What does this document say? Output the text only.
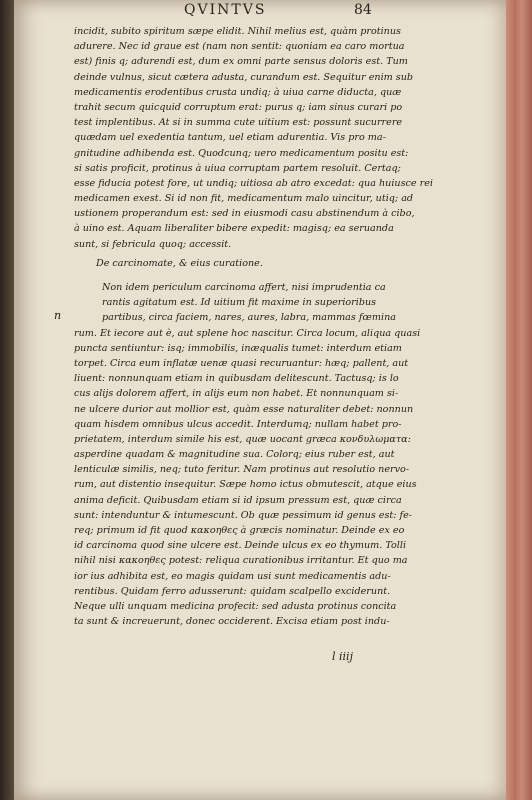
QVINTVS	84
incidit, subito spiritum sæpe elidit. Nihil melius est, quàm protinus
adurere. Nec id graue est (nam non sentit: quoniam ea caro mortua
est) finis q; adurendi est, dum ex omni parte sensus doloris est. Tum
deinde vulnus, sicut cætera adusta, curandum est. Sequitur enim sub
medicamentis erodentibus crusta undiq; à uiua carne diducta, quæ
trahit secum quicquid corruptum erat: purus q; iam sinus curari po
test implentibus. At si in summa cute uitium est: possunt sucurrere
quædam uel exedentia tantum, uel etiam adurentia. Vis pro ma-
gnitudine adhibenda est. Quodcunq; uero medicamentum positu est:
si satis proficit, protinus à uiua corruptam partem resoluit. Certaq;
esse fiducia potest fore, ut undiq; uitiosa ab atro excedat: qua huiusce rei
medicamen exest. Si id non fit, medicamentum malo uincitur, utiq; ad
ustionem properandum est: sed in eiusmodi casu abstinendum à cibo,
à uino est. Aquam liberaliter bibere expedit: magisq; ea seruanda
sunt, si febricula quoq; accessit.
De carcinomate, & eius curatione.
Non idem periculum carcinoma affert, nisi imprudentia ca
rantis agitatum est. Id uitium fit maxime in superioribus
partibus, circa faciem, nares, aures, labra, mammas fœmina
rum. Et iecore aut è, aut splene hoc nascitur. Circa locum, aliqua quasi
puncta sentiuntur: isq; immobilis, inæqualis tumet: interdum etiam
torpet. Circa eum inflatæ uenæ quasi recuruantur: hæq; pallent, aut
liuent: nonnunquam etiam in quibusdam delitescunt. Tactusq; is lo
cus alijs dolorem affert, in alijs eum non habet. Et nonnunquam si-
ne ulcere durior aut mollior est, quàm esse naturaliter debet: nonnun
quam hisdem omnibus ulcus accedit. Interdumq; nullam habet pro-
prietatem, interdum simile his est, quæ uocant græca κονδυλωματα:
asperdine quadam & magnitudine sua. Colorq; eius ruber est, aut
lenticulæ similis, neq; tuto feritur. Nam protinus aut resolutio nervo-
rum, aut distentio insequitur. Sæpe homo ictus obmutescit, atque eius
anima deficit. Quibusdam etiam si id ipsum pressum est, quæ circa
sunt: intenduntur & intumescunt. Ob quæ pessimum id genus est: fe-
req; primum id fit quod κακοηθες à græcis nominatur. Deinde ex eo
id carcinoma quod sine ulcere est. Deinde ulcus ex eo thymum. Tolli
nihil nisi κακοηθες potest: reliqua curationibus irritantur. Et quo ma
ior ius adhibita est, eo magis quidam usi sunt medicamentis adu-
rentibus. Quidam ferro adusserunt: quidam scalpello exciderunt.
Neque ulli unquam medicina profecit: sed adusta protinus concita
ta sunt & increuerunt, donec occiderent. Excisa etiam post indu-
n
l iiij
